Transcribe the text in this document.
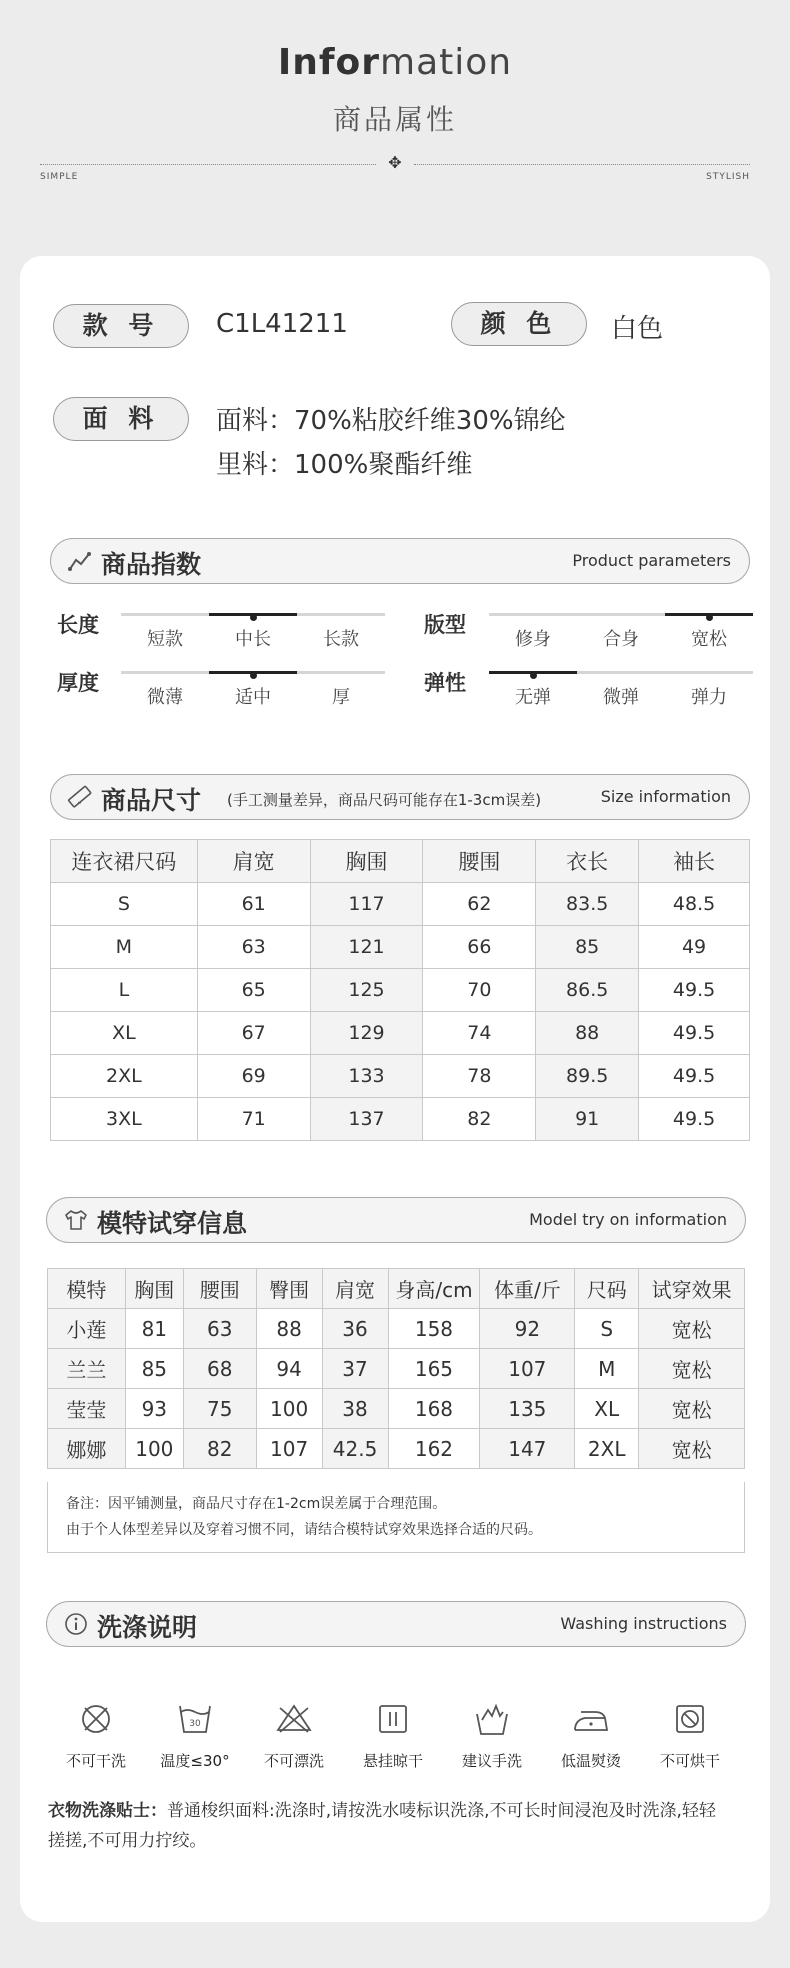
Information
商品属性
✥
SIMPLE	STYLISH
款 号	C1L41211	颜 色	白色
面 料	面料：70%粘胶纤维30%锦纶
里料：100%聚酯纤维
商品指数	Product parameters
长度
短款	中长	长款
版型
修身	合身	宽松
厚度
微薄	适中	厚
弹性
无弹	微弹	弹力
商品尺寸 (手工测量差异，商品尺码可能存在1-3cm误差)	Size information
连衣裙尺码	肩宽	胸围	腰围	衣长	袖长
S	61	117	62	83.5	48.5
M	63	121	66	85	49
L	65	125	70	86.5	49.5
XL	67	129	74	88	49.5
2XL	69	133	78	89.5	49.5
3XL	71	137	82	91	49.5
模特试穿信息	Model try on information
模特	胸围	腰围	臀围	肩宽	身高/cm	体重/斤	尺码	试穿效果
小莲	81	63	88	36	158	92	S	宽松
兰兰	85	68	94	37	165	107	M	宽松
莹莹	93	75	100	38	168	135	XL	宽松
娜娜	100	82	107	42.5	162	147	2XL	宽松
备注：因平铺测量，商品尺寸存在1-2cm误差属于合理范围。
由于个人体型差异以及穿着习惯不同，请结合模特试穿效果选择合适的尺码。
洗涤说明	Washing instructions
不可干洗
30
温度≤30°	不可漂洗	悬挂晾干	建议手洗	低温熨烫	不可烘干
衣物洗涤贴士：普通梭织面料:洗涤时,请按洗水唛标识洗涤,不可长时间浸泡及时洗涤,轻轻
搓搓,不可用力拧绞。
